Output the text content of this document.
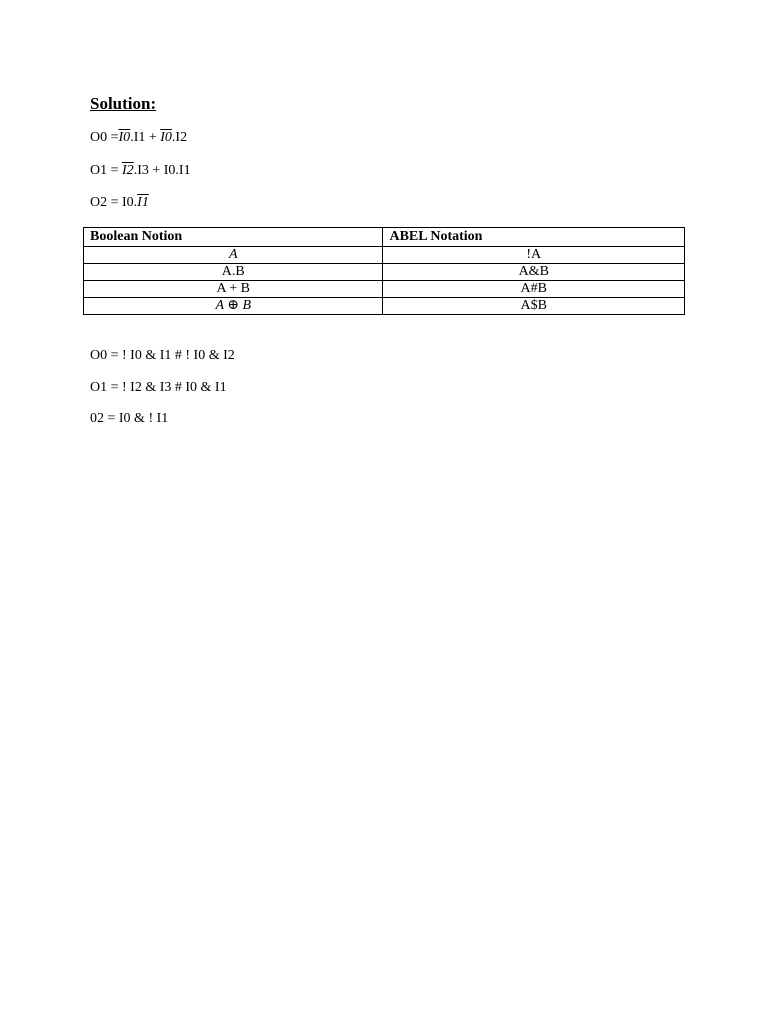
Solution:
O0 =I0.I1 + I0.I2
O1 = I2.I3 + I0.I1
O2 = I0.I1
Boolean Notion	ABEL Notation
$\overline{A}$	!A
A.B	A&B
A + B	A#B
A ⊕ B	A$B
O0 = ! I0 & I1 # ! I0 & I2
O1 = ! I2 & I3 # I0 & I1
02 = I0 & ! I1
